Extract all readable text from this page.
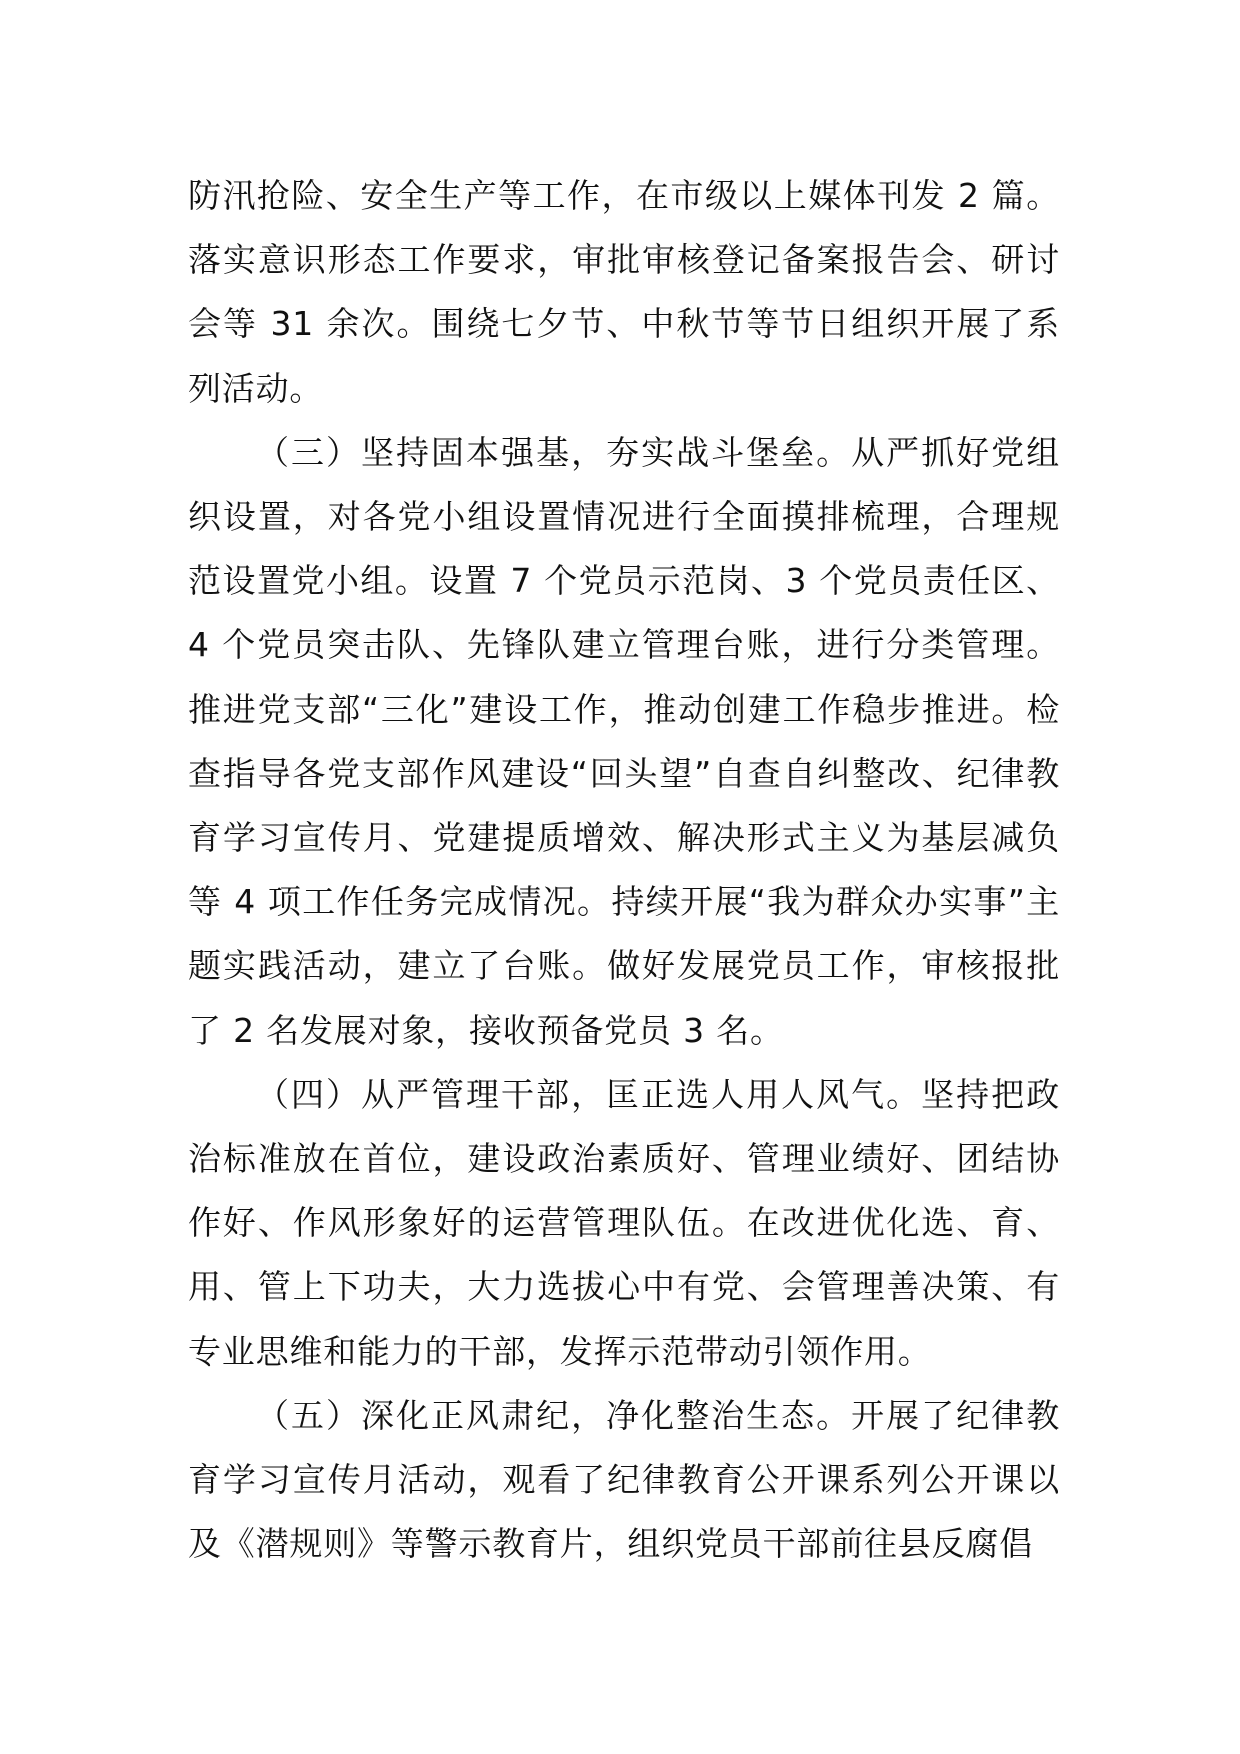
防汛抢险、安全生产等工作，在市级以上媒体刊发 2 篇。落实意识形态工作要求，审批审核登记备案报告会、研讨会等 31 余次。围绕七夕节、中秋节等节日组织开展了系列活动。

（三）坚持固本强基，夯实战斗堡垒。从严抓好党组织设置，对各党小组设置情况进行全面摸排梳理，合理规范设置党小组。设置 7 个党员示范岗、3 个党员责任区、4 个党员突击队、先锋队建立管理台账，进行分类管理。推进党支部“三化”建设工作，推动创建工作稳步推进。检查指导各党支部作风建设“回头望”自查自纠整改、纪律教育学习宣传月、党建提质增效、解决形式主义为基层减负等 4 项工作任务完成情况。持续开展“我为群众办实事”主题实践活动，建立了台账。做好发展党员工作，审核报批了 2 名发展对象，接收预备党员 3 名。

（四）从严管理干部，匡正选人用人风气。坚持把政治标准放在首位，建设政治素质好、管理业绩好、团结协作好、作风形象好的运营管理队伍。在改进优化选、育、用、管上下功夫，大力选拔心中有党、会管理善决策、有专业思维和能力的干部，发挥示范带动引领作用。

（五）深化正风肃纪，净化整治生态。开展了纪律教育学习宣传月活动，观看了纪律教育公开课系列公开课以及《潜规则》等警示教育片，组织党员干部前往县反腐倡
